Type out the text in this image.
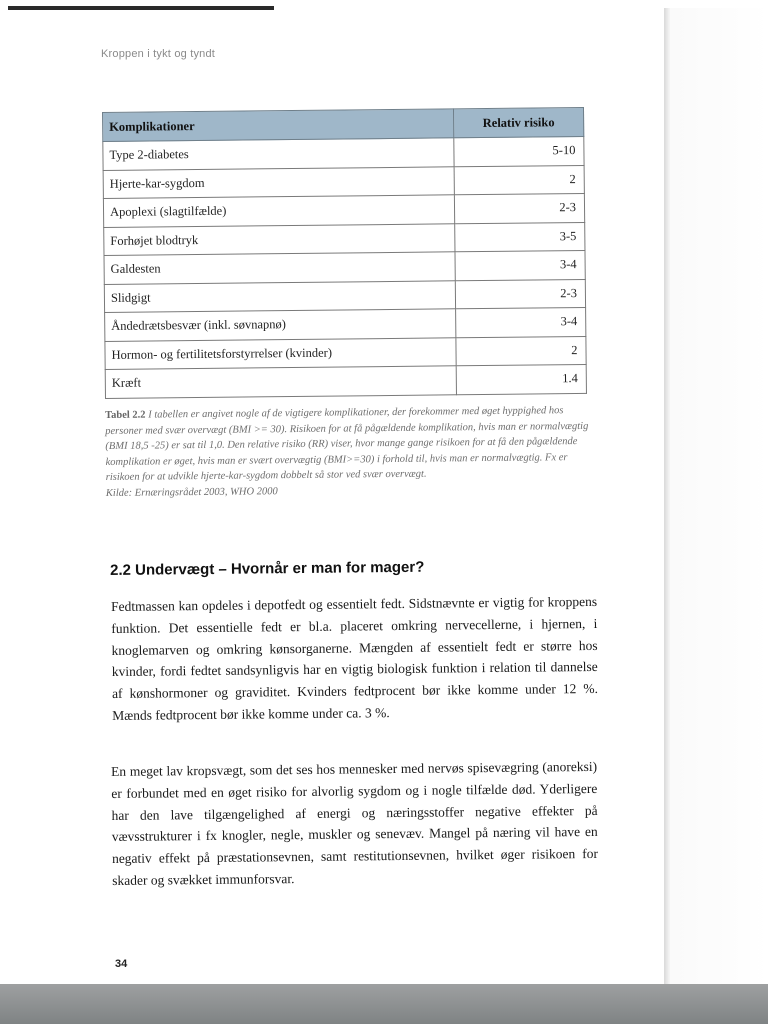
Kroppen i tykt og tyndt
Komplikationer	Relativ risiko
Type 2-diabetes	5-10
Hjerte-kar-sygdom	2
Apoplexi (slagtilfælde)	2-3
Forhøjet blodtryk	3-5
Galdesten	3-4
Slidgigt	2-3
Åndedrætsbesvær (inkl. søvnapnø)	3-4
Hormon- og fertilitetsforstyrrelser (kvinder)	2
Kræft	1.4
Tabel 2.2 I tabellen er angivet nogle af de vigtigere komplikationer, der forekommer med øget hyppighed hos personer med svær overvægt (BMI >= 30). Risikoen for at få pågældende komplikation, hvis man er normalvægtig (BMI 18,5 -25) er sat til 1,0. Den relative risiko (RR) viser, hvor mange gange risikoen for at få den pågældende komplikation er øget, hvis man er svært overvægtig (BMI>=30) i forhold til, hvis man er normalvægtig. Fx er risikoen for at udvikle hjerte-kar-sygdom dobbelt så stor ved svær overvægt.
Kilde: Ernæringsrådet 2003, WHO 2000
2.2 Undervægt – Hvornår er man for mager?

Fedtmassen kan opdeles i depotfedt og essentielt fedt. Sidstnævnte er vigtig for kroppens funktion. Det essentielle fedt er bl.a. placeret omkring nervecellerne, i hjernen, i knoglemarven og omkring kønsorganerne. Mængden af essentielt fedt er større hos kvinder, fordi fedtet sandsynligvis har en vigtig biologisk funktion i relation til dannelse af kønshormoner og graviditet. Kvinders fedtprocent bør ikke komme under 12 %. Mænds fedtprocent bør ikke komme under ca. 3 %.

En meget lav kropsvægt, som det ses hos mennesker med nervøs spisevægring (anoreksi) er forbundet med en øget risiko for alvorlig sygdom og i nogle tilfælde død. Yderligere har den lave tilgængelighed af energi og næringsstoffer negative effekter på vævsstrukturer i fx knogler, negle, muskler og senevæv. Mangel på næring vil have en negativ effekt på præstationsevnen, samt restitutionsevnen, hvilket øger risikoen for skader og svækket immunforsvar.

34
